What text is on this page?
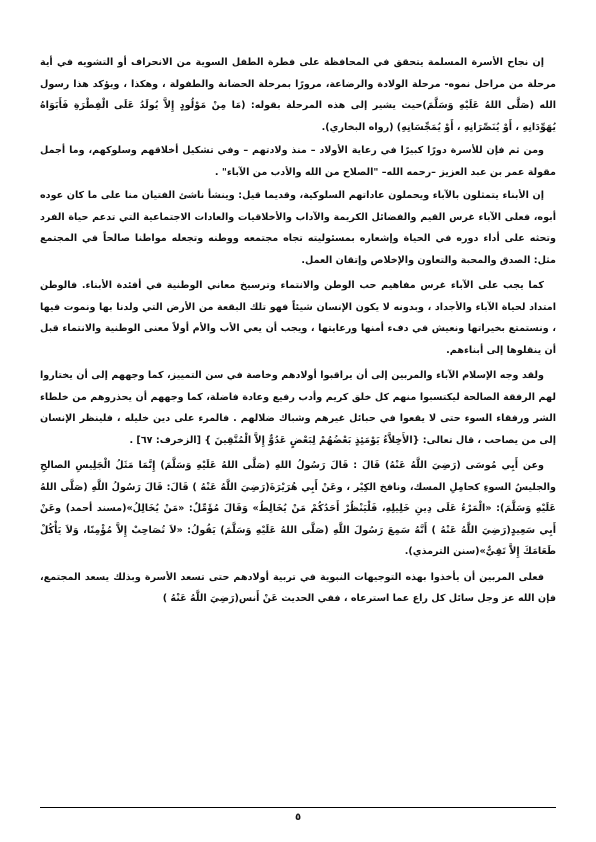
إن نجاح الأسرة المسلمة يتحقق في المحافظة على فطرة الطفل السوية من الانحراف أو التشويه في أية مرحلة من مراحل نموه- مرحلة الولادة والرضاعة، مرورًا بمرحلة الحضانة والطفولة ، وهكذا ، ويؤكد هذا رسول الله (صَلَّى اللهُ عَلَيْهِ وَسَلَّمَ)حيث يشير إلى هذه المرحلة بقوله: (مَا مِنْ مَوْلُودٍ إِلاَّ يُولَدُ عَلَى الْفِطْرَةِ فَأَبَوَاهُ يُهَوِّدَانِهِ ، أَوْ يُنَصِّرَانِهِ ، أَوْ يُمَجِّسَانِهِ) (رواه البخاري).

ومن ثم فإن للأسرة دورًا كبيرًا في رعاية الأولاد – منذ ولادتهم – وفي تشكيل أخلاقهم وسلوكهم، وما أجمل مقولة عمر بن عبد العزيز –رحمه الله– "الصلاح من الله والأدب من الآباء" .

إن الأبناء يتمثلون بالآباء ويحملون عاداتهم السلوكية، وقديما قيل: وينشأ ناشئ الفتيان منا على ما كان عوده أبوه، فعلى الآباء غرس القيم والفضائل الكريمة والآداب والأخلاقيات والعادات الاجتماعية التي تدعم حياة الفرد وتحثه على أداء دوره في الحياة وإشعاره بمسئوليته تجاه مجتمعه ووطنه وتجعله مواطنا صالحاً في المجتمع مثل: الصدق والمحبة والتعاون والإخلاص وإتقان العمل.

كما يجب على الآباء غرس مفاهيم حب الوطن والانتماء وترسيخ معاني الوطنية في أفئدة الأبناء. فالوطن امتداد لحياة الآباء والأجداد ، وبدونه لا يكون الإنسان شيئاً فهو تلك البقعة من الأرض التي ولدنا بها ونموت فيها ، ونستمتع بخيراتها ونعيش في دفء أمنها ورعايتها ، ويجب أن يعي الأب والأم أولاً معنى الوطنية والانتماء قبل أن ينقلوها إلى أبناءهم.

ولقد وجه الإسلام الآباء والمربين إلى أن يراقبوا أولادهم وخاصة في سن التمييز، كما وجههم إلى أن يختاروا لهم الرفقة الصالحة ليكتسبوا منهم كل خلق كريم وأدب رفيع وعادة فاضلة، كما وجههم أن يحذروهم من خلطاء الشر ورفقاء السوء حتى لا يقعوا في حبائل غيرهم وشباك ضلالهم . فالمرء على دين خليله ، فلينظر الإنسان إلى من يصاحب ، قال تعالى: {الأَخِلاَّءُ يَوْمَئِذٍ بَعْضُهُمْ لِبَعْضٍ عَدُوٌّ إِلاَّ الْمُتَّقِينَ } [الزخرف: ٦٧] .

وعن أَبِي مُوسَى (رَضِيَ اللَّهُ عَنْهُ) قَالَ : قَالَ رَسُولُ اللهِ (صَلَّى اللهُ عَلَيْهِ وَسَلَّمَ) إِنَّمَا مَثَلُ الْجَلِيسِ الصالحِ والجليسُ السوءِ كحامِلِ المسك، ونافخ الكِيْر ، وعَنْ أَبِي هُرَيْرَةَ(رَضِيَ اللَّهُ عَنْهُ ) قَالَ: قَالَ رَسُولُ اللَّهِ (صَلَّى اللهُ عَلَيْهِ وَسَلَّمَ): «الْمَرْءُ عَلَى دِينِ خَلِيلِهِ، فَلْيَنْظُرْ أَحَدُكُمْ مَنْ يُخَالِطُ» وَقَالَ مُؤَمِّلٌ: «مَنْ يُخَالِلُ»(مسند أحمد) وعَنْ أَبِي سَعِيدٍ(رَضِيَ اللَّهُ عَنْهُ ) أَنَّهُ سَمِعَ رَسُولَ اللَّهِ (صَلَّى اللهُ عَلَيْهِ وَسَلَّمَ) يَقُولُ: «لاَ تُصَاحِبْ إِلاَّ مُؤْمِنًا، وَلاَ يَأْكُلْ طَعَامَكَ إِلاَّ تَقِيٌّ»(سنن الترمذي).

فعلى المربين أن يأخذوا بهذه التوجيهات النبوية في تربية أولادهم حتى تسعد الأسرة وبذلك يسعد المجتمع، فإن الله عز وجل سائل كل راع عما استرعاه ، ففي الحديث عَنْ أَنس(رَضِيَ اللَّهُ عَنْهُ )

٥
